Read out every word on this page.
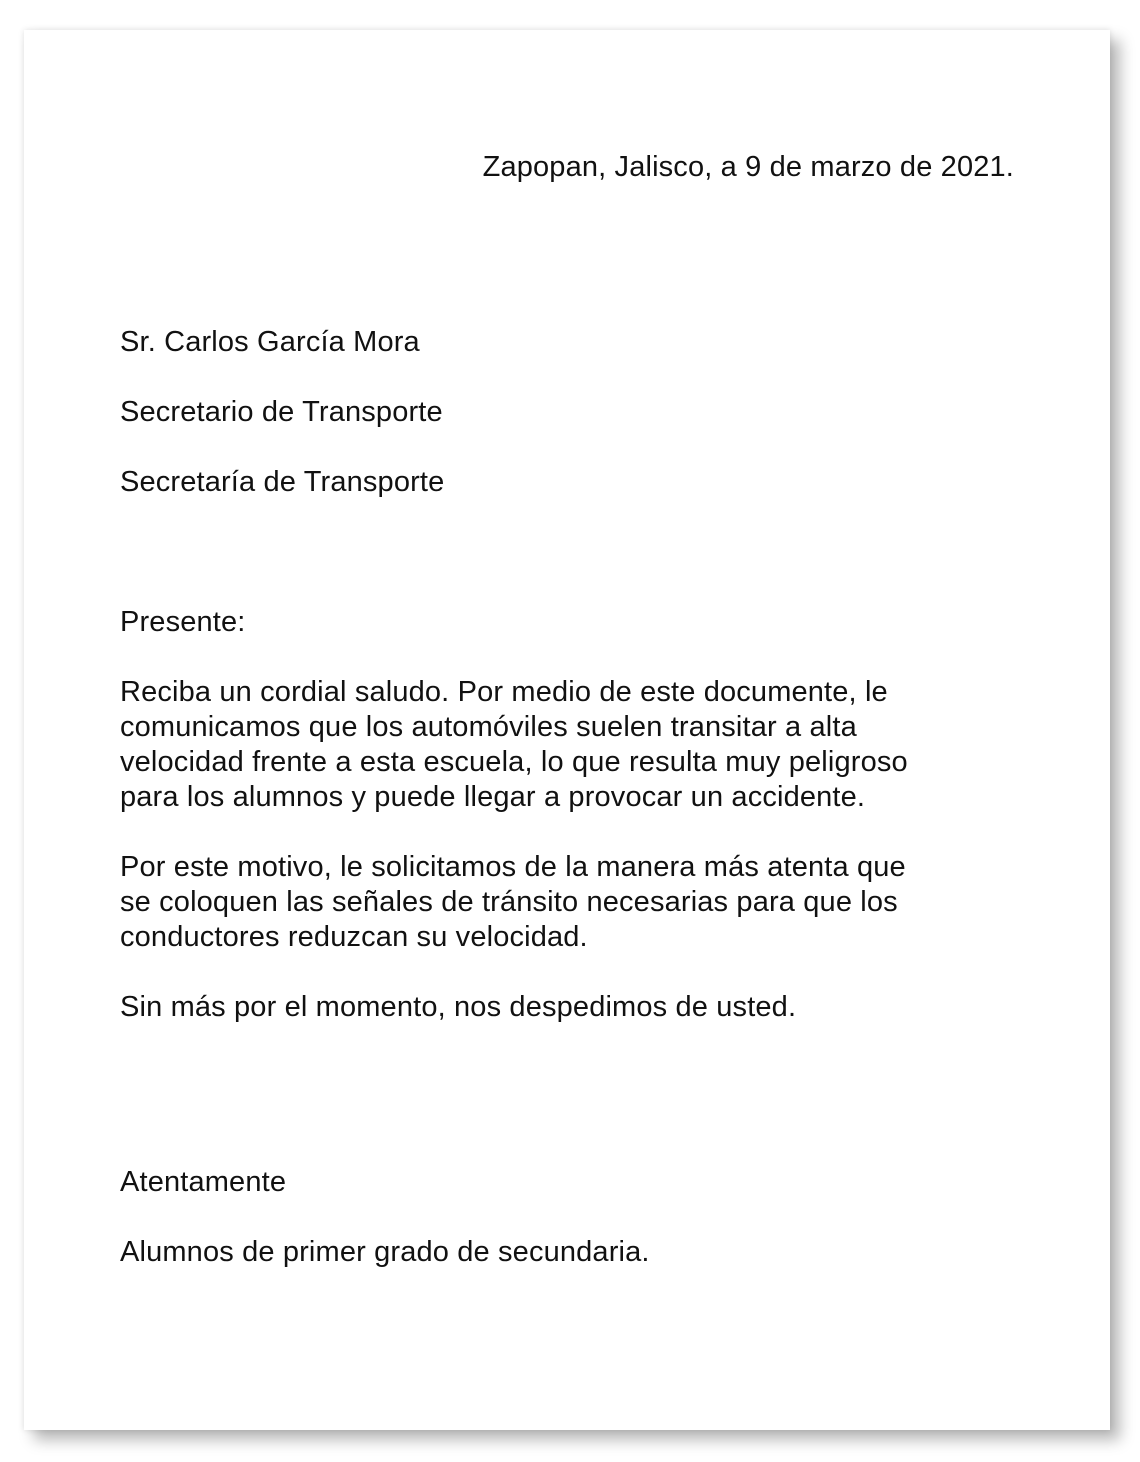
Zapopan, Jalisco, a 9 de marzo de 2021.
Sr. Carlos García Mora
Secretario de Transporte
Secretaría de Transporte
Presente:
Reciba un cordial saludo. Por medio de este documente, le
comunicamos que los automóviles suelen transitar a alta
velocidad frente a esta escuela, lo que resulta muy peligroso
para los alumnos y puede llegar a provocar un accidente.
Por este motivo, le solicitamos de la manera más atenta que
se coloquen las señales de tránsito necesarias para que los
conductores reduzcan su velocidad.
Sin más por el momento, nos despedimos de usted.
Atentamente
Alumnos de primer grado de secundaria.
